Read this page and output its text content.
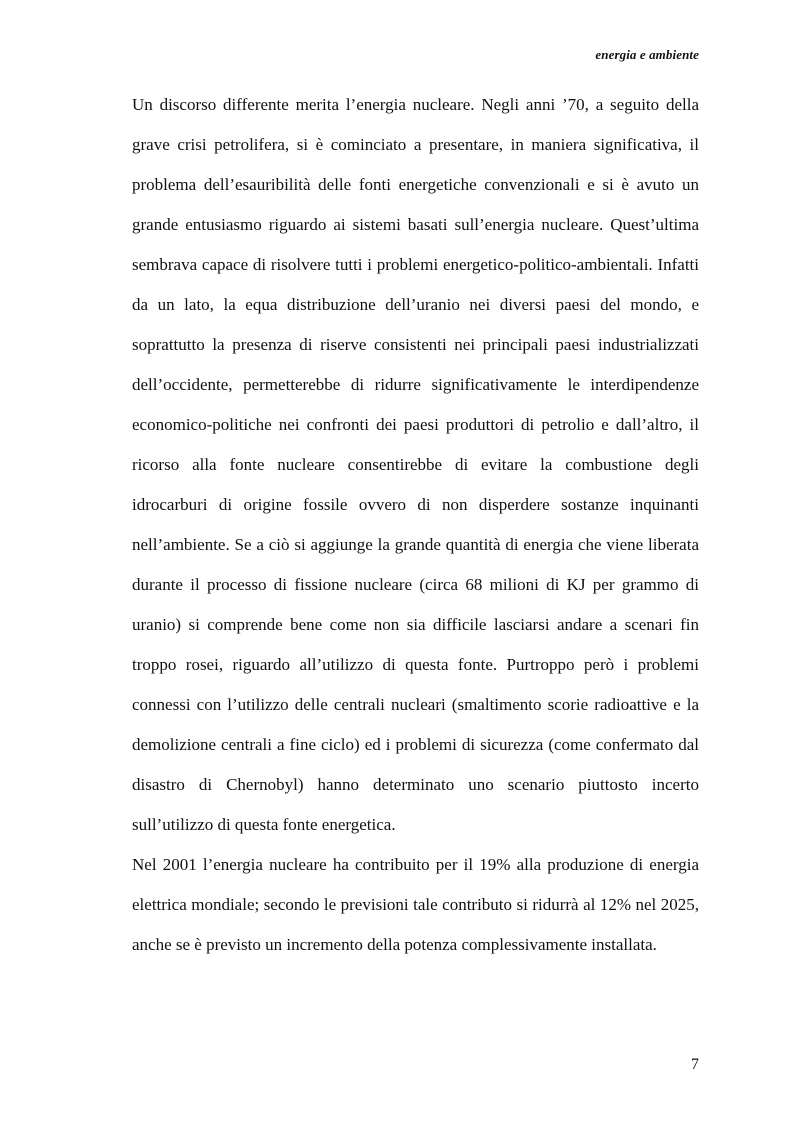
energia e ambiente

Un discorso differente merita l’energia nucleare. Negli anni ’70, a seguito della grave crisi petrolifera, si è cominciato a presentare, in maniera significativa, il problema dell’esauribilità delle fonti energetiche convenzionali e si è avuto un grande entusiasmo riguardo ai sistemi basati sull’energia nucleare. Quest’ultima sembrava capace di risolvere tutti i problemi energetico-politico-ambientali. Infatti da un lato, la equa distribuzione dell’uranio nei diversi paesi del mondo, e soprattutto la presenza di riserve consistenti nei principali paesi industrializzati dell’occidente, permetterebbe di ridurre significativamente le interdipendenze economico-politiche nei confronti dei paesi produttori di petrolio e dall’altro, il ricorso alla fonte nucleare consentirebbe di evitare la combustione degli idrocarburi di origine fossile ovvero di non disperdere sostanze inquinanti nell’ambiente. Se a ciò si aggiunge la grande quantità di energia che viene liberata durante il processo di fissione nucleare (circa 68 milioni di KJ per grammo di uranio) si comprende bene come non sia difficile lasciarsi andare a scenari fin troppo rosei, riguardo all’utilizzo di questa fonte. Purtroppo però i problemi connessi con l’utilizzo delle centrali nucleari (smaltimento scorie radioattive e la demolizione centrali a fine ciclo) ed i problemi di sicurezza (come confermato dal disastro di Chernobyl) hanno determinato uno scenario piuttosto incerto sull’utilizzo di questa fonte energetica.

Nel 2001 l’energia nucleare ha contribuito per il 19% alla produzione di energia elettrica mondiale; secondo le previsioni tale contributo si ridurrà al 12% nel 2025, anche se è previsto un incremento della potenza complessivamente installata.

7
